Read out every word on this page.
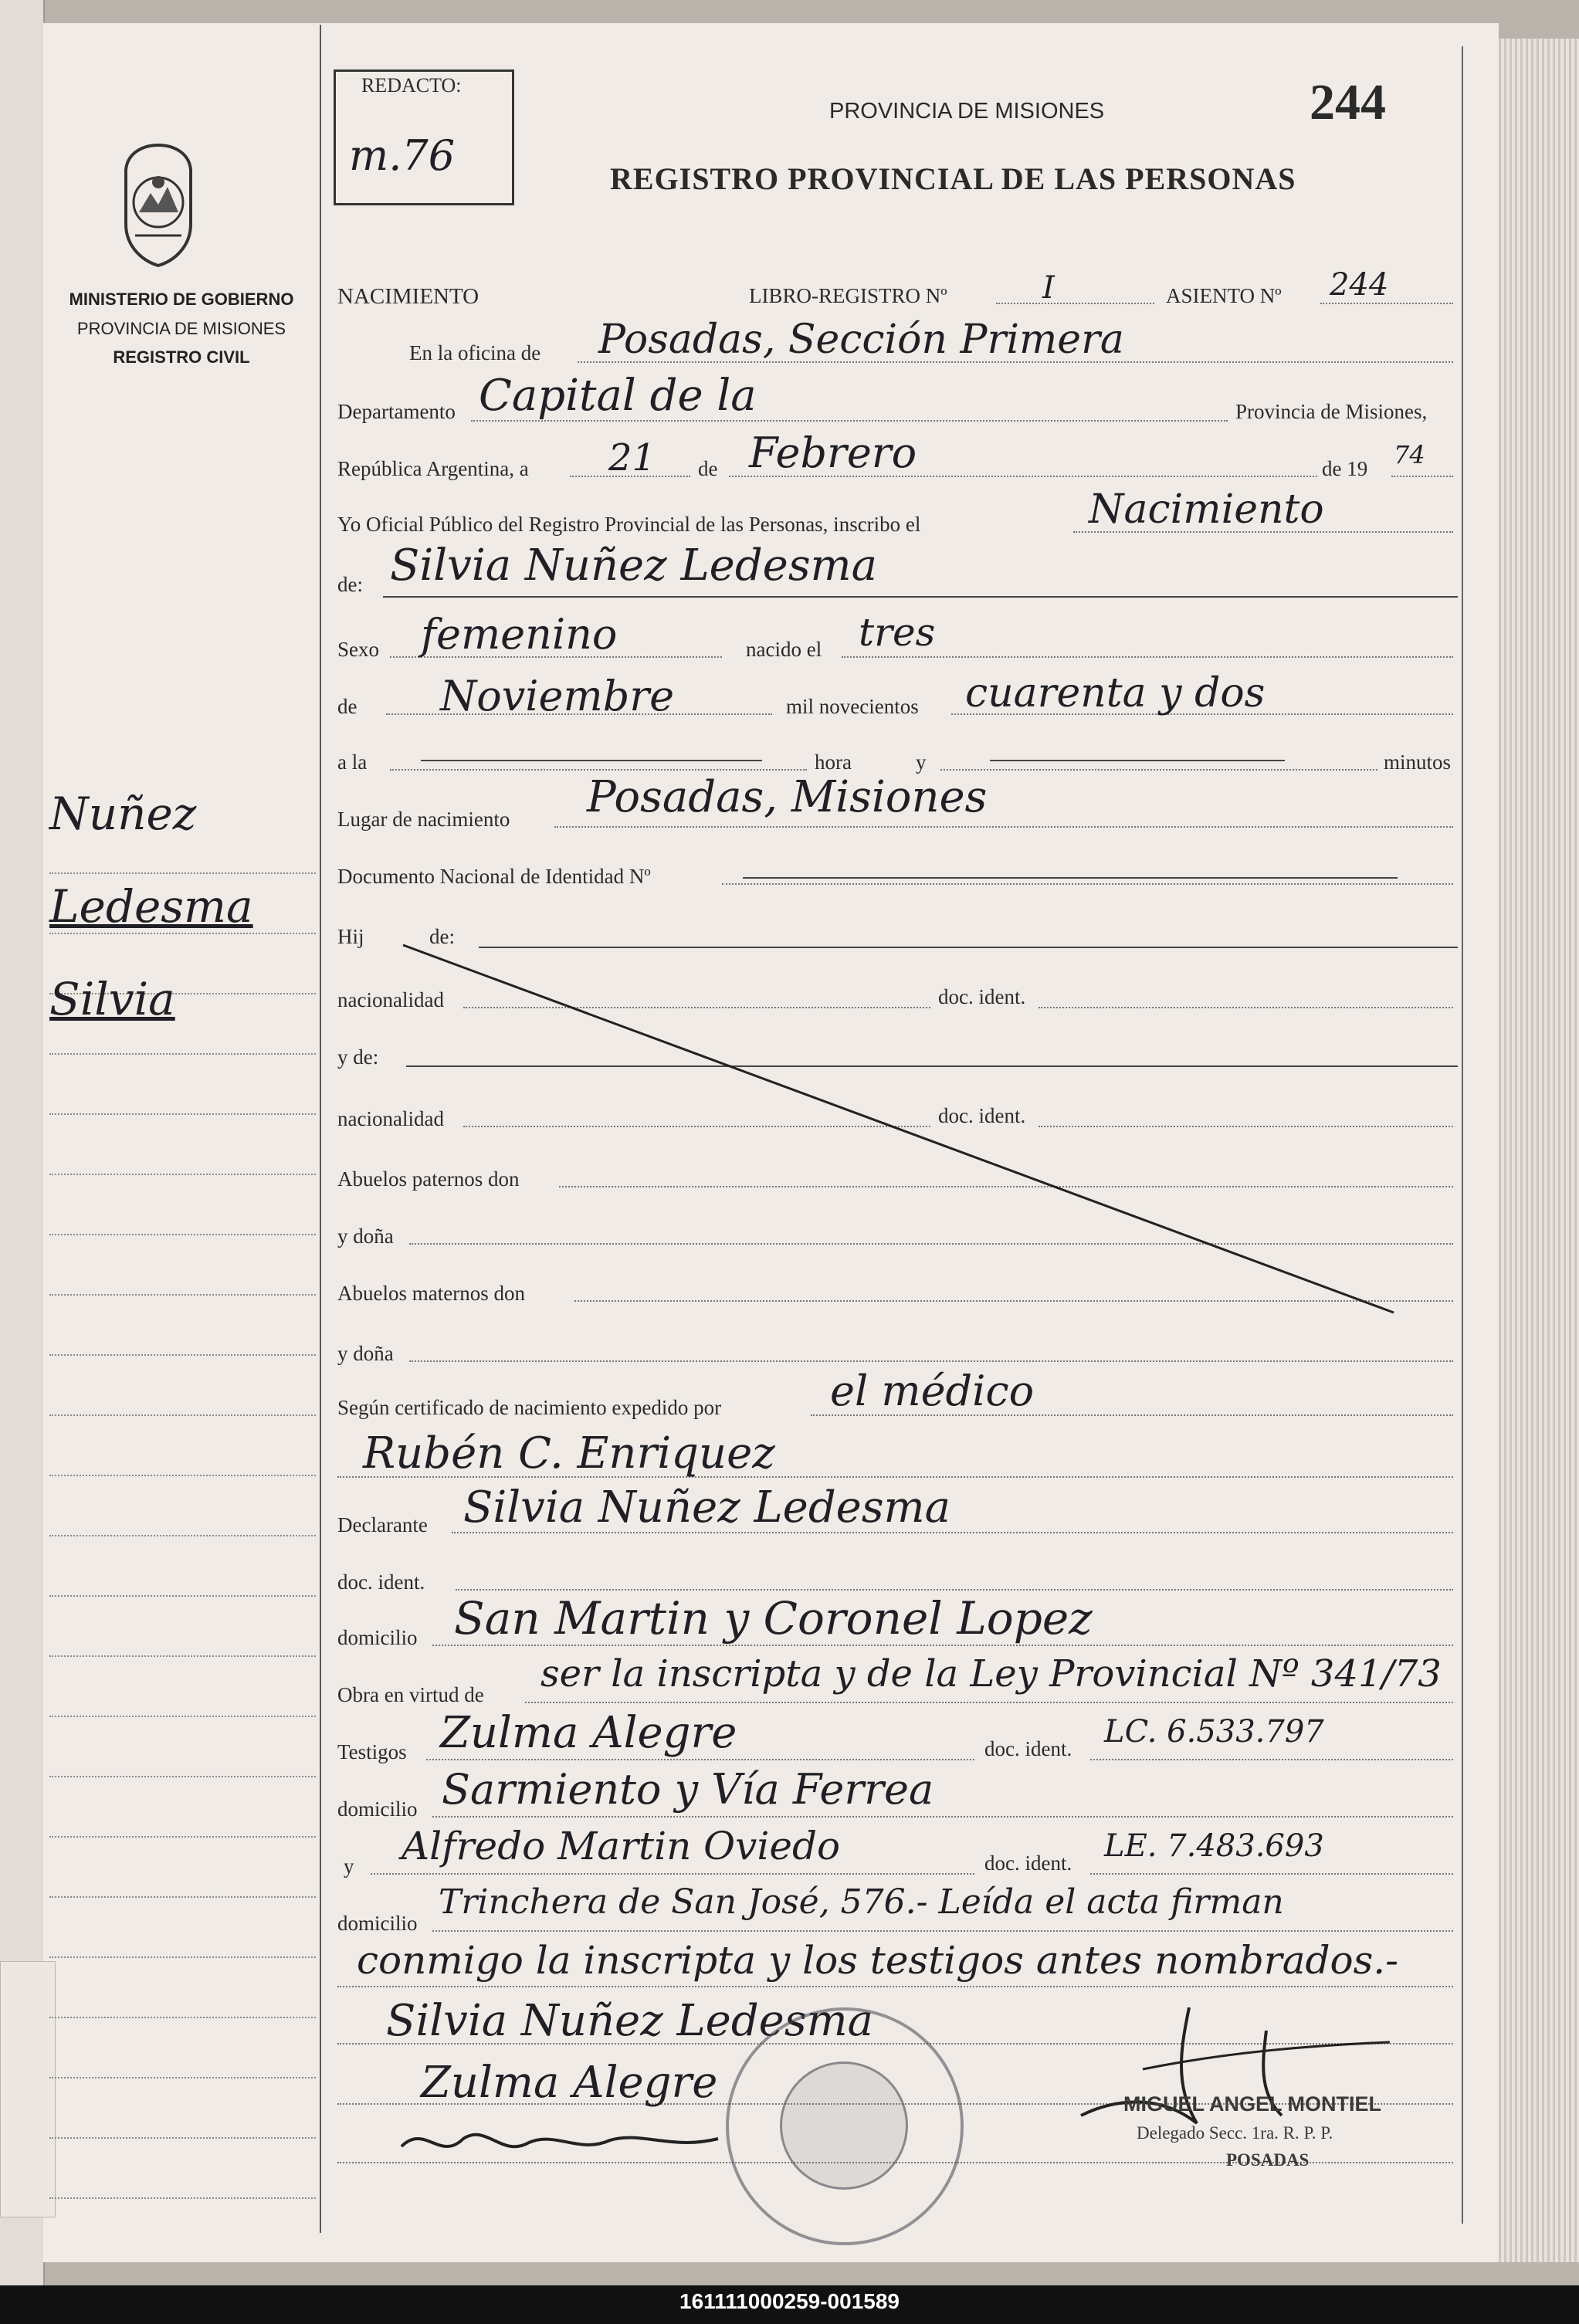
MINISTERIO DE GOBIERNO
PROVINCIA DE MISIONES
REGISTRO CIVIL
Nuñez
Ledesma
Silvia
REDACTO:
m.76
PROVINCIA DE MISIONES	244
REGISTRO PROVINCIAL DE LAS PERSONAS
NACIMIENTO	LIBRO-REGISTRO Nº	I	ASIENTO Nº 244
En la oficina de Posadas, Sección Primera
Departamento Capital de la	Provincia de Misiones,
República Argentina, a 21 de Febrero	de 19 74
Yo Oficial Público del Registro Provincial de las Personas, inscribo el	Nacimiento
de: Silvia Nuñez Ledesma
Sexo femenino	nacido el tres
de Noviembre	mil novecientos cuarenta y dos
a la	hora	y	minutos
Lugar de nacimiento Posadas, Misiones
Documento Nacional de Identidad Nº
Hij	de:
nacionalidad	doc. ident.
y de:
nacionalidad	doc. ident.
Abuelos paternos don
y doña
Abuelos maternos don
y doña
Según certificado de nacimiento expedido por	el médico
Rubén C. Enriquez
Declarante Silvia Nuñez Ledesma
doc. ident.
domicilio San Martin y Coronel Lopez
Obra en virtud de ser la inscripta y de la Ley Provincial Nº 341/73
Testigos Zulma Alegre	doc. ident. LC. 6.533.797
domicilio Sarmiento y Vía Ferrea
y Alfredo Martin Oviedo	doc. ident. LE. 7.483.693
domicilio
Trinchera de San José, 576.- Leída el acta firman
conmigo la inscripta y los testigos antes nombrados.-
Silvia Nuñez Ledesma
Zulma Alegre	MIGUEL ANGEL MONTIEL
Delegado Secc. 1ra. R. P. P.
POSADAS
161111000259-001589
